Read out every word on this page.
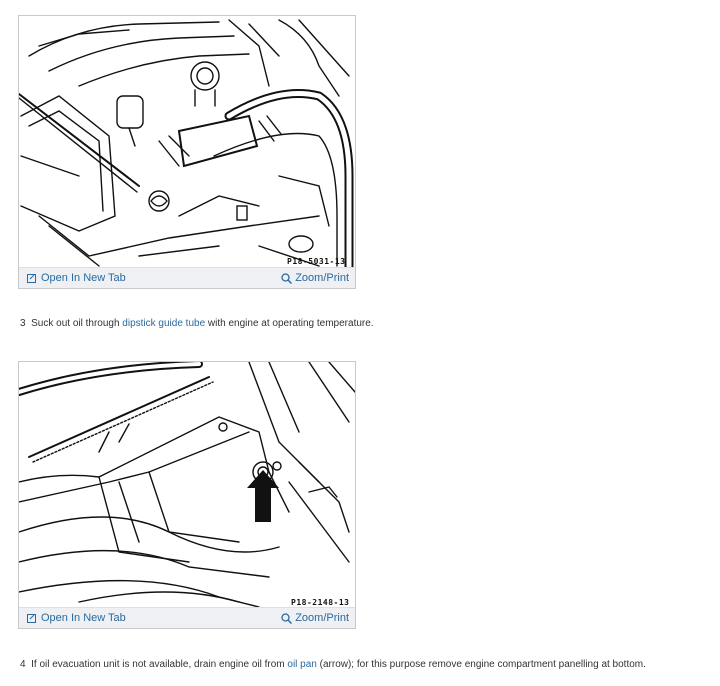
P18-5031-13
Open In New Tab	Zoom/Print
3 Suck out oil through dipstick guide tube with engine at operating temperature.
P18-2148-13
Open In New Tab	Zoom/Print
4 If oil evacuation unit is not available, drain engine oil from oil pan (arrow); for this purpose remove engine compartment panelling at bottom.
